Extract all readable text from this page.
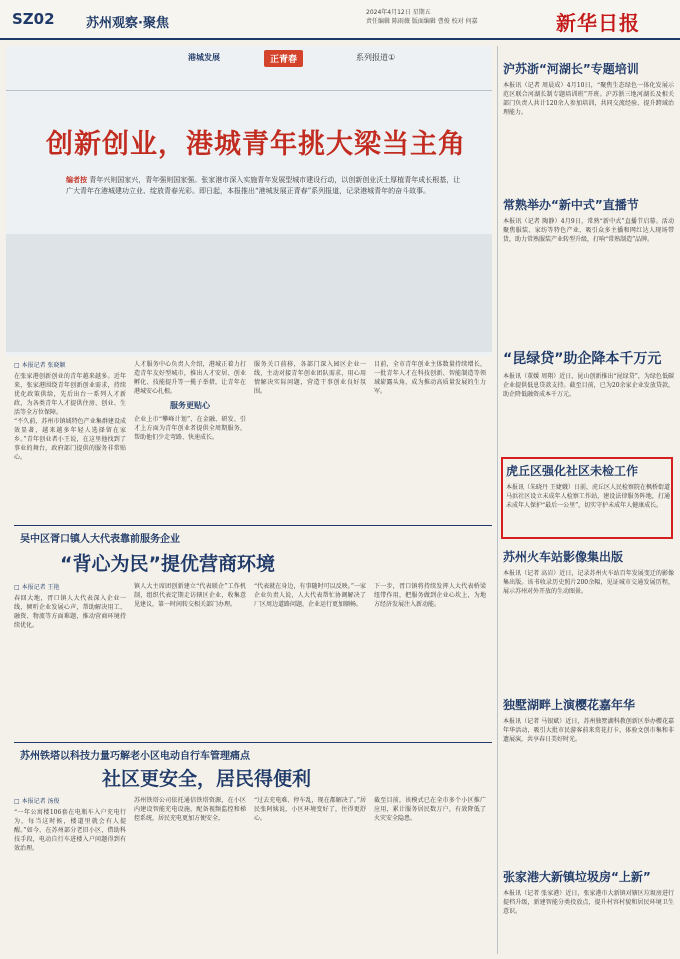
SZ02 苏州观察·聚焦
2024年4月12日 星期五
责任编辑 陈雨薇 版面编辑 曹俊 校对 何嘉	新华日报
港城发展	正青春	系列报道①
创新创业，港城青年挑大梁当主角
编者按 青年兴则国家兴，青年强则国家强。张家港市深入实施青年发展型城市建设行动，以创新创业沃土厚植青年成长根基，让广大青年在港城建功立业、绽放青春光彩。即日起，本报推出“港城发展正青春”系列报道，记录港城青年的奋斗故事。
□ 本报记者 张晓颖

在张家港创新创业的青年越来越多。近年来，张家港围绕青年创新创业需求，持续优化政策供给，先后出台一系列人才新政，为各类青年人才提供住房、创业、生活等全方位保障。

“不久前，苏州市镇域特色产业集群建设成效显著，越来越多年轻人选择留在家乡。”青年创业者小王说，在这里他找到了事业的舞台，政府部门提供的服务非常贴心。

人才服务中心负责人介绍，港城正着力打造青年友好型城市，推出人才安居、创业孵化、技能提升等一揽子举措，让青年在港城安心扎根。

服务更贴心

企业上市“攀峰计划”、在金融、研发、引才上方面为青年创业者提供全周期服务，帮助他们少走弯路、快速成长。

服务关口前移，各部门深入园区企业一线，主动对接青年创业团队需求，用心用情解决实际问题，营造干事创业良好氛围。

目前，全市青年创业主体数量持续增长，一批青年人才在科技创新、智能制造等领域崭露头角，成为推动高质量发展的生力军。

吴中区胥口镇人大代表靠前服务企业
“背心为民”提优营商环境
□ 本报记者 王艳

春回大地，胥口镇人大代表深入企业一线，倾听企业发展心声，帮助解决用工、融资、物流等方面难题，推动营商环境持续优化。

镇人大主席团创新建立“代表联企”工作机制，组织代表定期走访辖区企业，收集意见建议，第一时间转交相关部门办理。

“代表就在身边，有事随时可以反映。”一家企业负责人说，人大代表帮忙协调解决了厂区周边道路问题，企业运行更加顺畅。

下一步，胥口镇将持续发挥人大代表桥梁纽带作用，把服务做到企业心坎上，为地方经济发展注入新动能。

苏州铁塔以科技力量巧解老小区电动自行车管理痛点
社区更安全，居民得便利
□ 本报记者 汤俊

“一年公寓楼106套在电瓶车入户充电行为，每当这时候，楼道里就会有人提醒。”如今，在苏州部分老旧小区，借助科技手段，电动自行车进楼入户问题得到有效治理。

苏州铁塔公司依托通信铁塔资源，在小区内建设智能充电设施，配备视频监控和梯控系统，居民充电更加方便安全。

“过去充电难、停车乱，现在都解决了。”居民张阿姨说，小区环境变好了，住得更舒心。

截至目前，该模式已在全市多个小区推广应用，累计服务居民数万户，有效降低了火灾安全隐患。

沪苏浙“河湖长”专题培训
本报讯（记者 周晨成）4月10日，“聚焦生态绿色一体化发展示范区联合河湖长制专题培训班”开班。沪苏浙三地河湖长及相关部门负责人共计120余人参加培训，共同交流经验、提升跨域治理能力。
常熟举办“新中式”直播节
本报讯（记者 陶静）4月9日，常熟“新中式”直播节启幕。活动聚焦服装、家纺等特色产业，吸引众多主播和网红达人现场带货，助力常熟服装产业转型升级，打响“常熟制造”品牌。
“昆绿贷”助企降本千万元
本报讯（董媛 周翔）近日，昆山创新推出“昆绿贷”，为绿色低碳企业提供低息贷款支持。截至目前，已为20余家企业发放贷款，助企降低融资成本千万元。
虎丘区强化社区未检工作
本报讯（朱晓丹 王婕娥）日前，虎丘区人民检察院在枫桥街道马浜社区设立未成年人检察工作站，建设法律服务阵地，打通未成年人保护“最后一公里”，切实守护未成年人健康成长。
苏州火车站影像集出版
本报讯（记者 高岩）近日，记录苏州火车站百年发展变迁的影像集出版。该书收录历史照片200余幅，见证城市交通发展历程，展示苏州对外开放的生动图景。
独墅湖畔上演樱花嘉年华
本报讯（记者 马银斌）近日，苏州独墅湖科教创新区举办樱花嘉年华活动，吸引大批市民游客前来赏花打卡，体验文创市集和非遗展演，共享春日美好时光。
张家港大新镇垃圾房“上新”
本报讯（记者 张家港）近日，张家港市大新镇对辖区垃圾房进行提档升级，新建智能分类投放点，提升村容村貌和居民环境卫生意识。
